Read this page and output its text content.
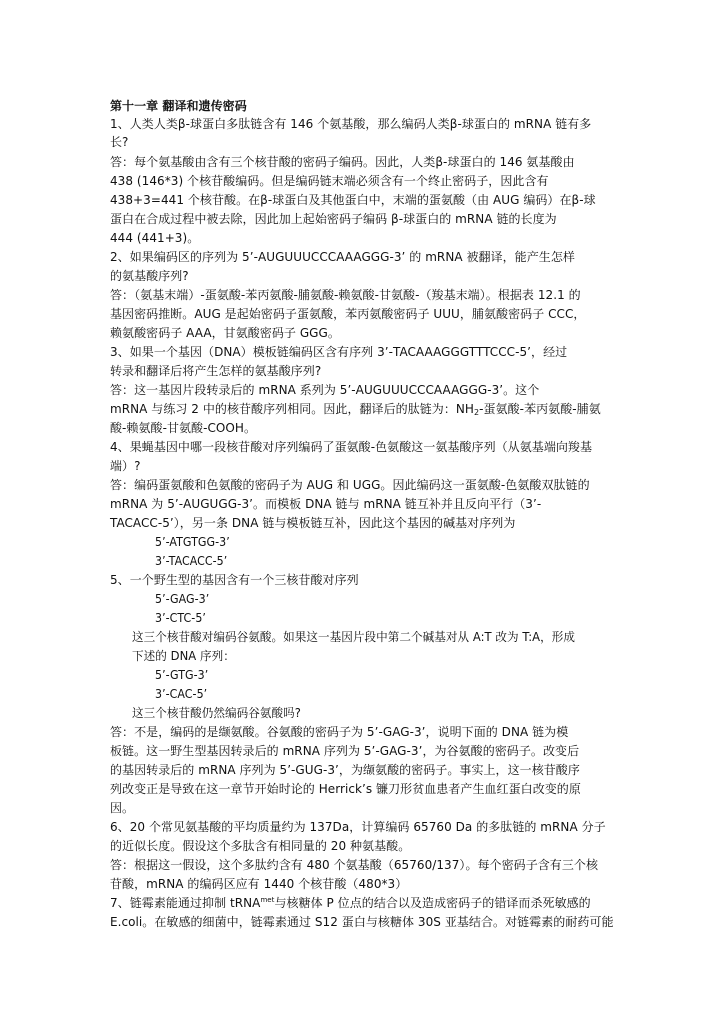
第十一章 翻译和遗传密码
1、人类人类β-球蛋白多肽链含有 146 个氨基酸，那么编码人类β-球蛋白的 mRNA 链有多
长?
答：每个氨基酸由含有三个核苷酸的密码子编码。因此，人类β-球蛋白的 146 氨基酸由
438 (146*3) 个核苷酸编码。但是编码链末端必须含有一个终止密码子，因此含有
438+3=441 个核苷酸。在β-球蛋白及其他蛋白中，末端的蛋氨酸（由 AUG 编码）在β-球
蛋白在合成过程中被去除，因此加上起始密码子编码 β-球蛋白的 mRNA 链的长度为
444 (441+3)。
2、如果编码区的序列为 5’-AUGUUUCCCAAAGGG-3’ 的 mRNA 被翻译，能产生怎样
的氨基酸序列?
答：（氨基末端）-蛋氨酸-苯丙氨酸-脯氨酸-赖氨酸-甘氨酸-（羧基末端）。根据表 12.1 的
基因密码推断。AUG 是起始密码子蛋氨酸，苯丙氨酸密码子 UUU，脯氨酸密码子 CCC，
赖氨酸密码子 AAA，甘氨酸密码子 GGG。
3、如果一个基因（DNA）模板链编码区含有序列 3’-TACAAAGGGTTTCCC-5’，经过
转录和翻译后将产生怎样的氨基酸序列?
答：这一基因片段转录后的 mRNA 系列为 5’-AUGUUUCCCAAAGGG-3’。这个
mRNA 与练习 2 中的核苷酸序列相同。因此，翻译后的肽链为：$NH_2-$蛋氨酸-苯丙氨酸-脯氨
酸-赖氨酸-甘氨酸-COOH。
4、果蝇基因中哪一段核苷酸对序列编码了蛋氨酸-色氨酸这一氨基酸序列（从氨基端向羧基
端）?
答：编码蛋氨酸和色氨酸的密码子为 AUG 和 UGG。因此编码这一蛋氨酸-色氨酸双肽链的
mRNA 为 5’-AUGUGG-3’。而模板 DNA 链与 mRNA 链互补并且反向平行（3’-
TACACC-5’），另一条 DNA 链与模板链互补，因此这个基因的碱基对序列为
5’-ATGTGG-3’
3’-TACACC-5’
5、一个野生型的基因含有一个三核苷酸对序列
5’-GAG-3’
3’-CTC-5’
这三个核苷酸对编码谷氨酸。如果这一基因片段中第二个碱基对从 A:T 改为 T:A，形成
下述的 DNA 序列：
5’-GTG-3’
3’-CAC-5’
这三个核苷酸仍然编码谷氨酸吗?
答：不是，编码的是缬氨酸。谷氨酸的密码子为 5’-GAG-3’，说明下面的 DNA 链为模
板链。这一野生型基因转录后的 mRNA 序列为 5’-GAG-3’，为谷氨酸的密码子。改变后
的基因转录后的 mRNA 序列为 5’-GUG-3’，为缬氨酸的密码子。事实上，这一核苷酸序
列改变正是导致在这一章节开始时论的 Herrick’s 镰刀形贫血患者产生血红蛋白改变的原
因。
6、20 个常见氨基酸的平均质量约为 137Da，计算编码 65760 Da 的多肽链的 mRNA 分子
的近似长度。假设这个多肽含有相同量的 20 种氨基酸。
答：根据这一假设，这个多肽约含有 480 个氨基酸（65760/137）。每个密码子含有三个核
苷酸，mRNA 的编码区应有 1440 个核苷酸（480*3）
7、链霉素能通过抑制 tRNA$^{met}$与核糖体 P 位点的结合以及造成密码子的错译而杀死敏感的
E.coli。在敏感的细菌中，链霉素通过 S12 蛋白与核糖体 30S 亚基结合。对链霉素的耐药可能
